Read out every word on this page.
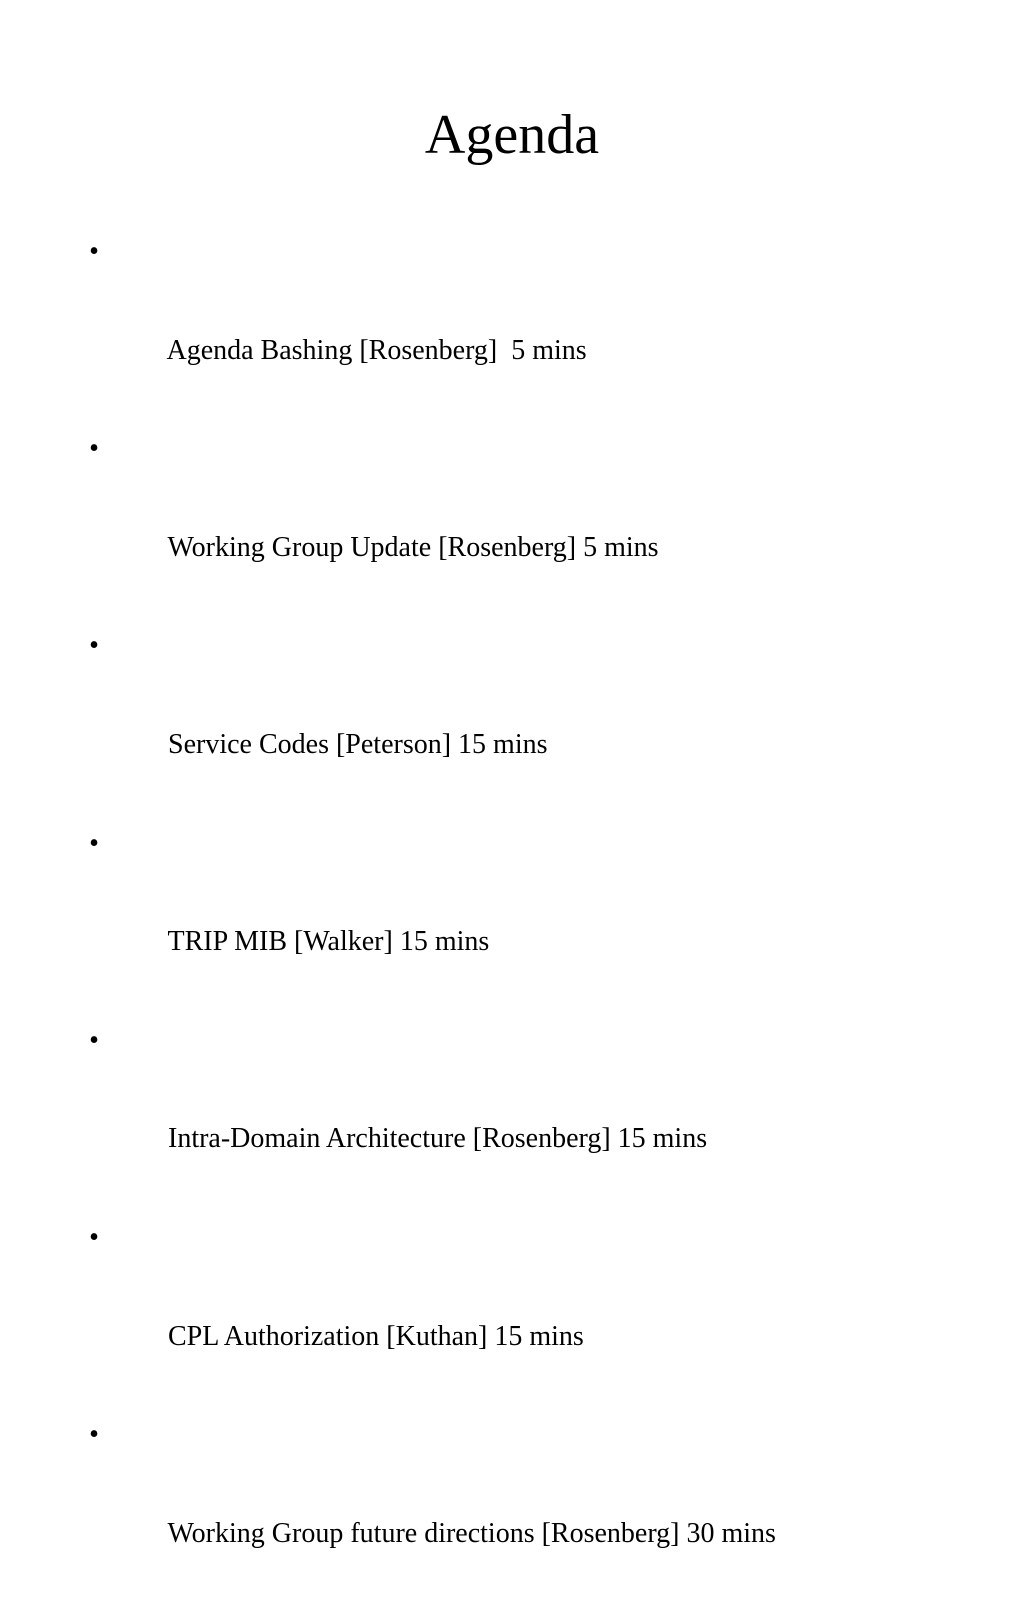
Agenda

•

Agenda Bashing [Rosenberg]  5 mins

•

Working Group Update [Rosenberg] 5 mins

•

Service Codes [Peterson] 15 mins

•

TRIP MIB [Walker] 15 mins

•

Intra-Domain Architecture [Rosenberg] 15 mins

•

CPL Authorization [Kuthan] 15 mins

•

Working Group future directions [Rosenberg] 30 mins
